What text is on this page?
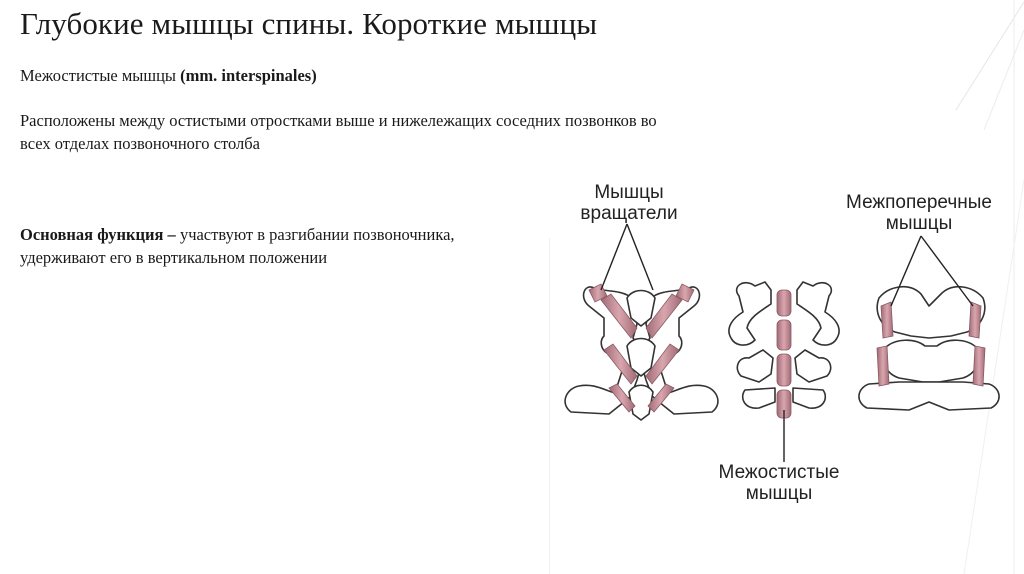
Глубокие мышцы спины. Короткие мышцы
Межостистые мышцы (mm. interspinales)
Расположены между остистыми отростками выше и нижележащих соседних позвонков во всех отделах позвоночного столба
Основная функция – участвуют в разгибании позвоночника, удерживают его в вертикальном положении
Мышцы
вращатели
Межпоперечные
мышцы
Межостистые
мышцы
